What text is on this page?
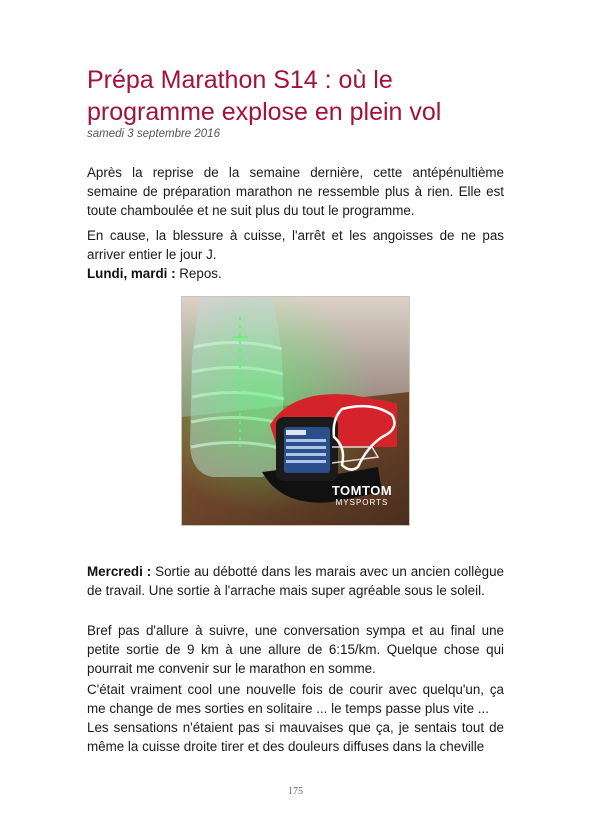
Prépa Marathon S14 : où le programme explose en plein vol
samedi 3 septembre 2016

Après la reprise de la semaine dernière, cette antépénultième semaine de préparation marathon ne ressemble plus à rien. Elle est toute chamboulée et ne suit plus du tout le programme.

En cause, la blessure à cuisse, l'arrêt et les angoisses de ne pas arriver entier le jour J.

Lundi, mardi : Repos.

TOMTOM
MYSPORTS

Mercredi : Sortie au débotté dans les marais avec un ancien collègue de travail. Une sortie à l'arrache mais super agréable sous le soleil.

Bref pas d'allure à suivre, une conversation sympa et au final une petite sortie de 9 km à une allure de 6:15/km. Quelque chose qui pourrait me convenir sur le marathon en somme.

C'était vraiment cool une nouvelle fois de courir avec quelqu'un, ça me change de mes sorties en solitaire ... le temps passe plus vite ...

Les sensations n'étaient pas si mauvaises que ça, je sentais tout de même la cuisse droite tirer et des douleurs diffuses dans la cheville

175
